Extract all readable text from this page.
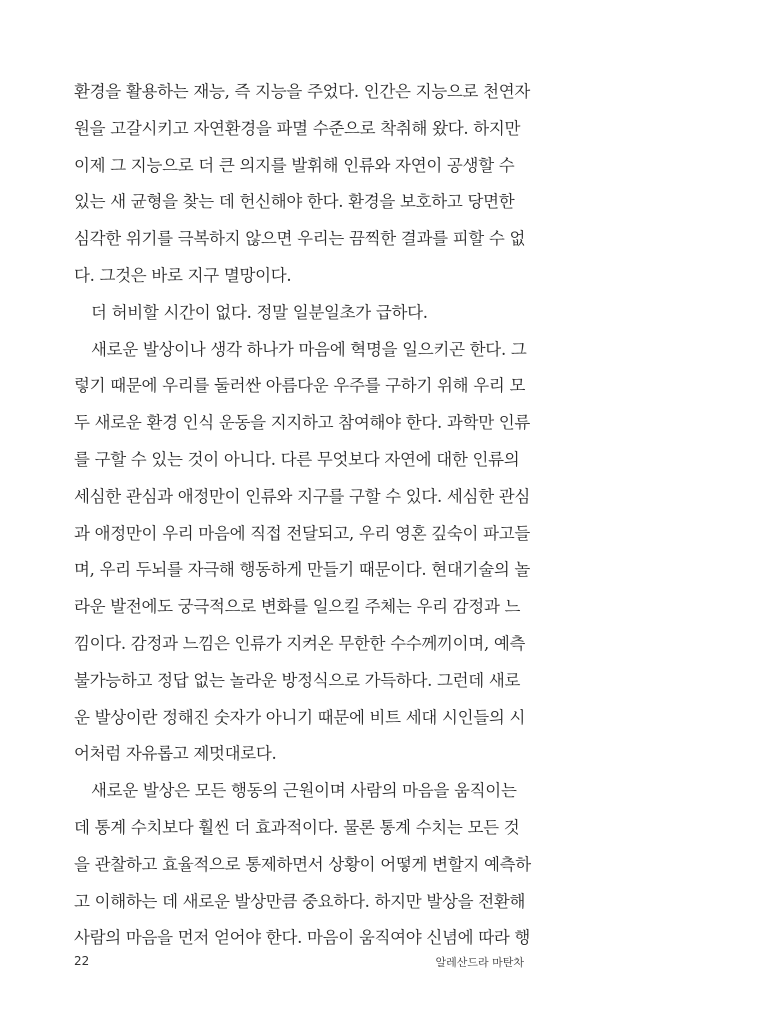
환경을 활용하는 재능, 즉 지능을 주었다. 인간은 지능으로 천연자
원을 고갈시키고 자연환경을 파멸 수준으로 착취해 왔다. 하지만
이제 그 지능으로 더 큰 의지를 발휘해 인류와 자연이 공생할 수
있는 새 균형을 찾는 데 헌신해야 한다. 환경을 보호하고 당면한
심각한 위기를 극복하지 않으면 우리는 끔찍한 결과를 피할 수 없
다. 그것은 바로 지구 멸망이다.
더 허비할 시간이 없다. 정말 일분일초가 급하다.
새로운 발상이나 생각 하나가 마음에 혁명을 일으키곤 한다. 그
렇기 때문에 우리를 둘러싼 아름다운 우주를 구하기 위해 우리 모
두 새로운 환경 인식 운동을 지지하고 참여해야 한다. 과학만 인류
를 구할 수 있는 것이 아니다. 다른 무엇보다 자연에 대한 인류의
세심한 관심과 애정만이 인류와 지구를 구할 수 있다. 세심한 관심
과 애정만이 우리 마음에 직접 전달되고, 우리 영혼 깊숙이 파고들
며, 우리 두뇌를 자극해 행동하게 만들기 때문이다. 현대기술의 놀
라운 발전에도 궁극적으로 변화를 일으킬 주체는 우리 감정과 느
낌이다. 감정과 느낌은 인류가 지켜온 무한한 수수께끼이며, 예측
불가능하고 정답 없는 놀라운 방정식으로 가득하다. 그런데 새로
운 발상이란 정해진 숫자가 아니기 때문에 비트 세대 시인들의 시
어처럼 자유롭고 제멋대로다.
새로운 발상은 모든 행동의 근원이며 사람의 마음을 움직이는
데 통계 수치보다 훨씬 더 효과적이다. 물론 통계 수치는 모든 것
을 관찰하고 효율적으로 통제하면서 상황이 어떻게 변할지 예측하
고 이해하는 데 새로운 발상만큼 중요하다. 하지만 발상을 전환해
사람의 마음을 먼저 얻어야 한다. 마음이 움직여야 신념에 따라 행
22	알레산드라 마탄차
